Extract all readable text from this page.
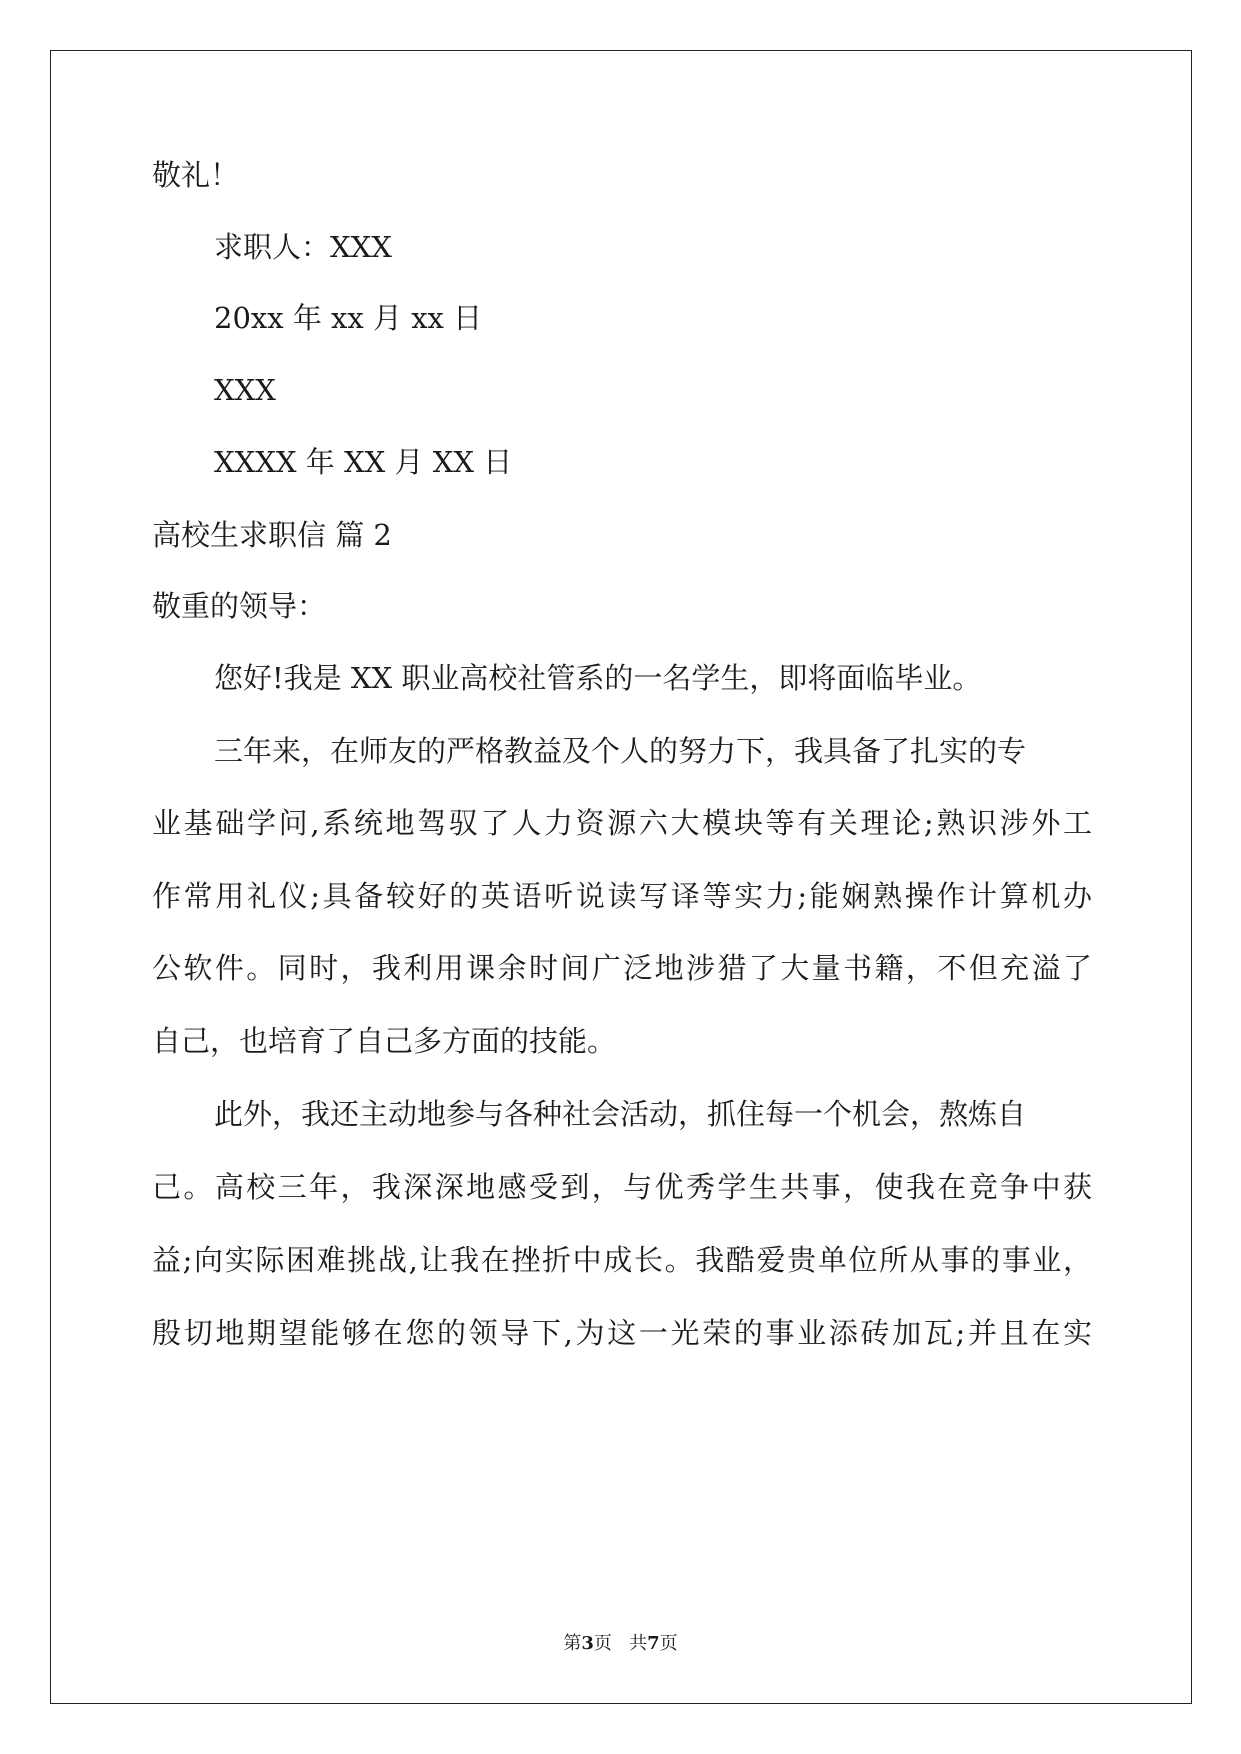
敬礼！
求职人：XXX
20xx 年 xx 月 xx 日
XXX
XXXX 年 XX 月 XX 日
高校生求职信 篇 2
敬重的领导：
您好!我是 XX 职业高校社管系的一名学生，即将面临毕业。
三年来，在师友的严格教益及个人的努力下，我具备了扎实的专
业基础学问,系统地驾驭了人力资源六大模块等有关理论;熟识涉外工
作常用礼仪;具备较好的英语听说读写译等实力;能娴熟操作计算机办
公软件。同时，我利用课余时间广泛地涉猎了大量书籍，不但充溢了
自己，也培育了自己多方面的技能。
此外，我还主动地参与各种社会活动，抓住每一个机会，熬炼自
己。高校三年，我深深地感受到，与优秀学生共事，使我在竞争中获
益;向实际困难挑战,让我在挫折中成长。我酷爱贵单位所从事的事业，
殷切地期望能够在您的领导下,为这一光荣的事业添砖加瓦;并且在实
第3页   共7页
